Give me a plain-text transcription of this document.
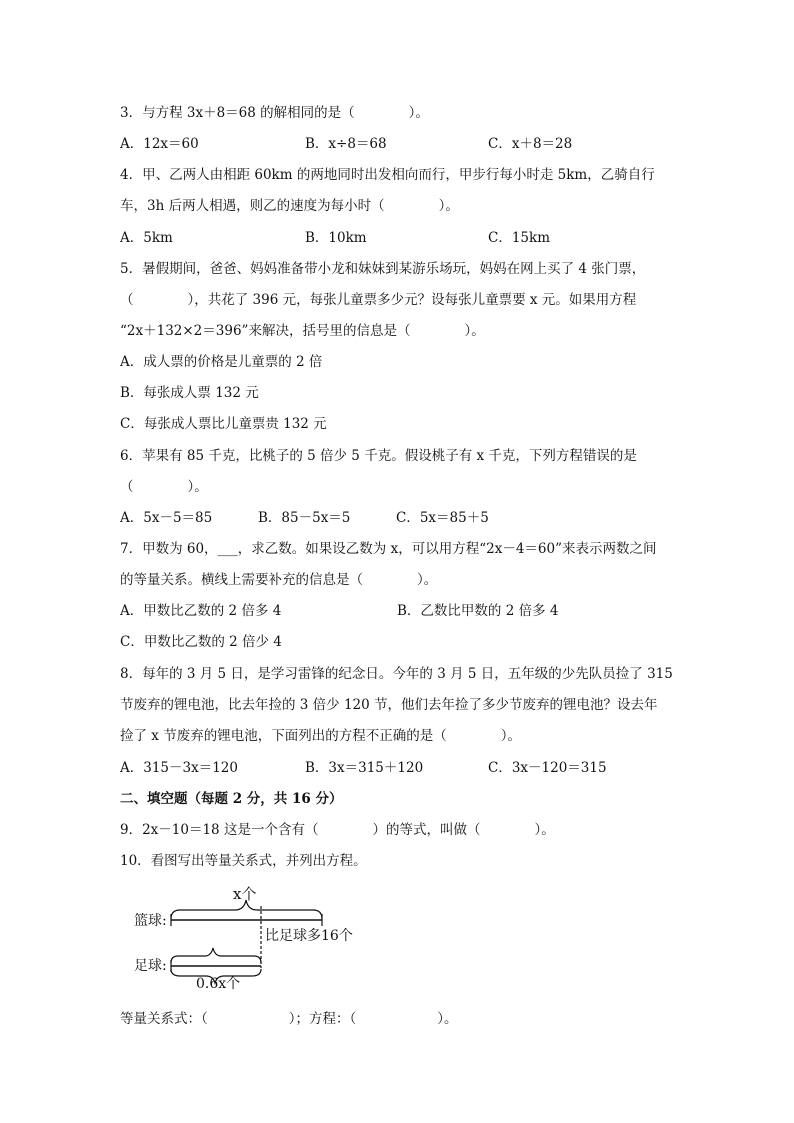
3．与方程 3x＋8＝68 的解相同的是（　　　　）。
A．12x＝60	B．x÷8＝68	C．x＋8＝28
4．甲、乙两人由相距 60km 的两地同时出发相向而行，甲步行每小时走 5km，乙骑自行
车，3h 后两人相遇，则乙的速度为每小时（　　　　）。
A．5km	B．10km	C．15km
5．暑假期间，爸爸、妈妈准备带小龙和妹妹到某游乐场玩，妈妈在网上买了 4 张门票，
（　　　　），共花了 396 元，每张儿童票多少元？设每张儿童票要 x 元。如果用方程
“2x＋132×2＝396”来解决，括号里的信息是（　　　　）。
A．成人票的价格是儿童票的 2 倍
B．每张成人票 132 元
C．每张成人票比儿童票贵 132 元
6．苹果有 85 千克，比桃子的 5 倍少 5 千克。假设桃子有 x 千克，下列方程错误的是
（　　　　）。
A．5x－5＝85	B．85－5x＝5	C．5x＝85＋5
7．甲数为 60，___，求乙数。如果设乙数为 x，可以用方程“2x－4＝60”来表示两数之间
的等量关系。横线上需要补充的信息是（　　　　）。
A．甲数比乙数的 2 倍多 4	B．乙数比甲数的 2 倍多 4
C．甲数比乙数的 2 倍少 4
8．每年的 3 月 5 日，是学习雷锋的纪念日。今年的 3 月 5 日，五年级的少先队员捡了 315
节废弃的锂电池，比去年捡的 3 倍少 120 节，他们去年捡了多少节废弃的锂电池？设去年
捡了 x 节废弃的锂电池，下面列出的方程不正确的是（　　　　）。
A．315－3x＝120	B．3x＝315＋120	C．3x－120＝315
二、填空题（每题 2 分，共 16 分）
9．2x－10＝18 这是一个含有（　　　　）的等式，叫做（　　　　）。
10．看图写出等量关系式，并列出方程。
x个
篮球:
比足球多16个
足球:
0.6x个
等量关系式：（　　　　　　）；方程：（　　　　　　）。
